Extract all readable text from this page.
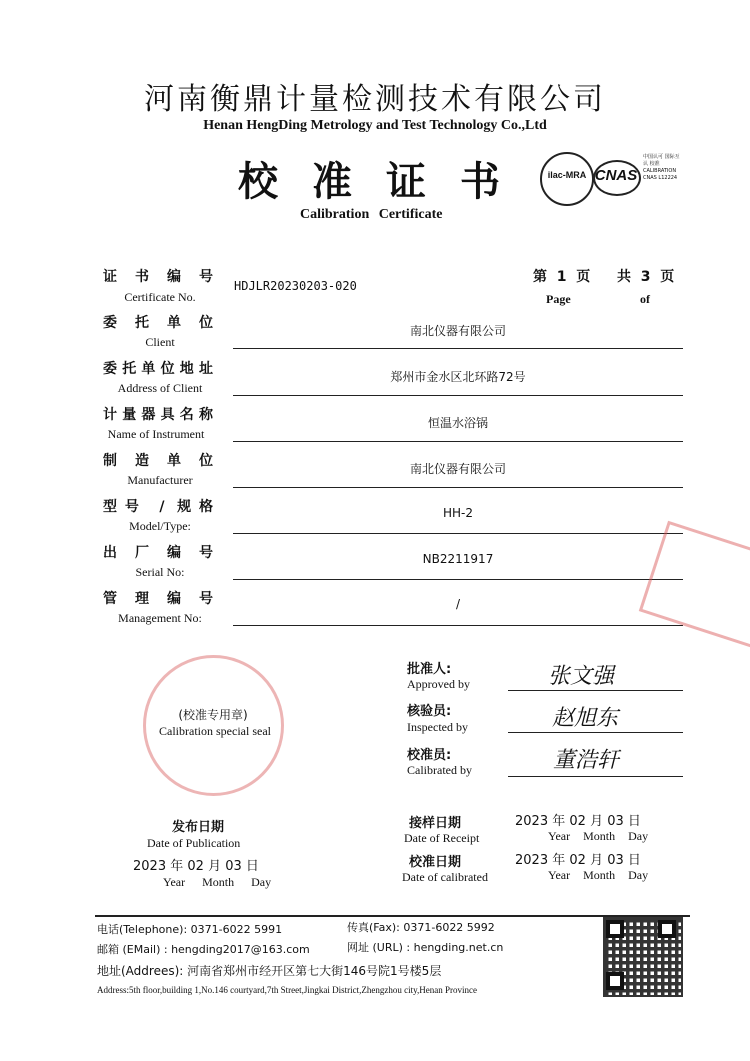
河南衡鼎计量检测技术有限公司
Henan HengDing Metrology and Test Technology Co.,Ltd
校准证书
Calibration Certificate
ilac-MRA CNAS
中国认可 国际互认 校准 CALIBRATION CNAS L12224
第 1 页 共 3 页
Page	of
证书编号
Certificate No.
HDJLR20230203-020
委托单位
Client
南北仪器有限公司
委托单位地址
Address of Client
郑州市金水区北环路72号
计量器具名称
Name of Instrument
恒温水浴锅
制造单位
Manufacturer
南北仪器有限公司
型号 / 规格
Model/Type:
HH-2
出厂编号
Serial No:
NB2211917
管理编号
Management No:
/
(校准专用章)
Calibration special seal
批准人:
Approved by	张文强
核验员:
Inspected by	赵旭东
校准员:
Calibrated by	董浩轩
发布日期
Date of Publication
2023 年 02 月 03 日
Year Month Day
接样日期
Date of Receipt
2023 年 02 月 03 日
Year Month Day
校准日期
Date of calibrated
2023 年 02 月 03 日
Year Month Day
电话(Telephone): 0371-6022 5991	传真(Fax): 0371-6022 5992
邮箱 (EMail) : hengding2017@163.com	网址 (URL) : hengding.net.cn
地址(Addrees): 河南省郑州市经开区第七大街146号院1号楼5层
Address:5th floor,building 1,No.146 courtyard,7th Street,Jingkai District,Zhengzhou city,Henan Province
